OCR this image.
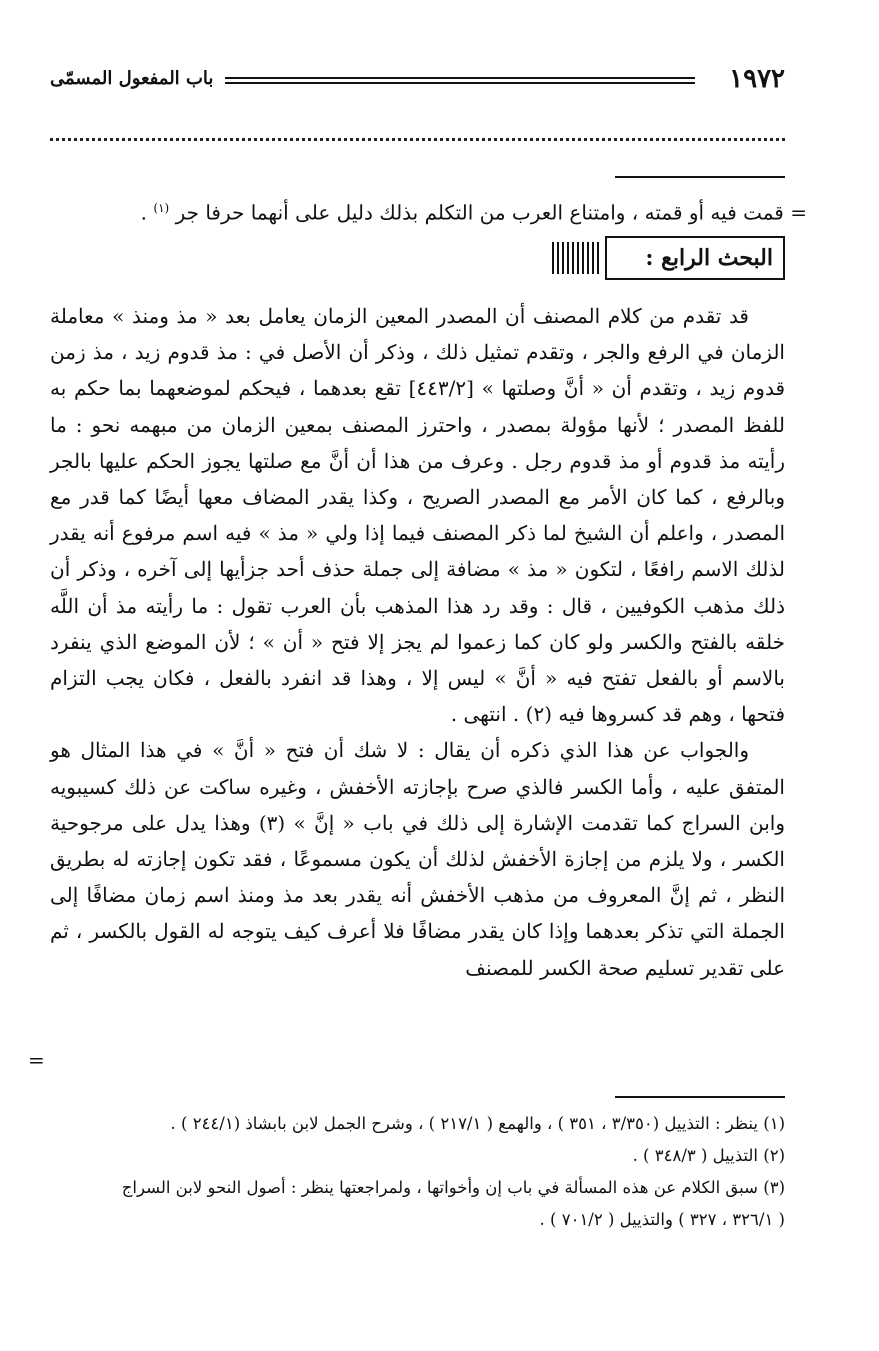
١٩٧٢
باب المفعول المسمّى
= قمت فيه أو قمته ، وامتناع العرب من التكلم بذلك دليل على أنهما حرفا جر $^{(١)}$ .
البحث الرابع :

قد تقدم من كلام المصنف أن المصدر المعين الزمان يعامل بعد « مذ ومنذ » معاملة الزمان في الرفع والجر ، وتقدم تمثيل ذلك ، وذكر أن الأصل في : مذ قدوم زيد ، مذ زمن قدوم زيد ، وتقدم أن « أنَّ وصلتها » [٤٤٣/٢] تقع بعدهما ، فيحكم لموضعهما بما حكم به للفظ المصدر ؛ لأنها مؤولة بمصدر ، واحترز المصنف بمعين الزمان من مبهمه نحو : ما رأيته مذ قدوم أو مذ قدوم رجل . وعرف من هذا أن أنَّ مع صلتها يجوز الحكم عليها بالجر وبالرفع ، كما كان الأمر مع المصدر الصريح ، وكذا يقدر المضاف معها أيضًا كما قدر مع المصدر ، واعلم أن الشيخ لما ذكر المصنف فيما إذا ولي « مذ » فيه اسم مرفوع أنه يقدر لذلك الاسم رافعًا ، لتكون « مذ » مضافة إلى جملة حذف أحد جزأيها إلى آخره ، وذكر أن ذلك مذهب الكوفيين ، قال : وقد رد هذا المذهب بأن العرب تقول : ما رأيته مذ أن اللَّه خلقه بالفتح والكسر ولو كان كما زعموا لم يجز إلا فتح « أن » ؛ لأن الموضع الذي ينفرد بالاسم أو بالفعل تفتح فيه « أنَّ » ليس إلا ، وهذا قد انفرد بالفعل ، فكان يجب التزام فتحها ، وهم قد كسروها فيه (٢) . انتهى .

والجواب عن هذا الذي ذكره أن يقال : لا شك أن فتح « أنَّ » في هذا المثال هو المتفق عليه ، وأما الكسر فالذي صرح بإجازته الأخفش ، وغيره ساكت عن ذلك كسيبويه وابن السراج كما تقدمت الإشارة إلى ذلك في باب « إنَّ » (٣) وهذا يدل على مرجوحية الكسر ، ولا يلزم من إجازة الأخفش لذلك أن يكون مسموعًا ، فقد تكون إجازته له بطريق النظر ، ثم إنَّ المعروف من مذهب الأخفش أنه يقدر بعد مذ ومنذ اسم زمان مضافًا إلى الجملة التي تذكر بعدهما وإذا كان يقدر مضافًا فلا أعرف كيف يتوجه له القول بالكسر ، ثم على تقدير تسليم صحة الكسر للمصنف

=

(١) ينظر : التذييل (٣/٣٥٠ ، ٣٥١ ) ، والهمع ( ٢١٧/١ ) ، وشرح الجمل لابن بابشاذ (٢٤٤/١ ) .

(٢) التذييل ( ٣٤٨/٣ ) .

(٣) سبق الكلام عن هذه المسألة في باب إن وأخواتها ، ولمراجعتها ينظر : أصول النحو لابن السراج

( ٣٢٦/١ ، ٣٢٧ ) والتذييل ( ٧٠١/٢ ) .
